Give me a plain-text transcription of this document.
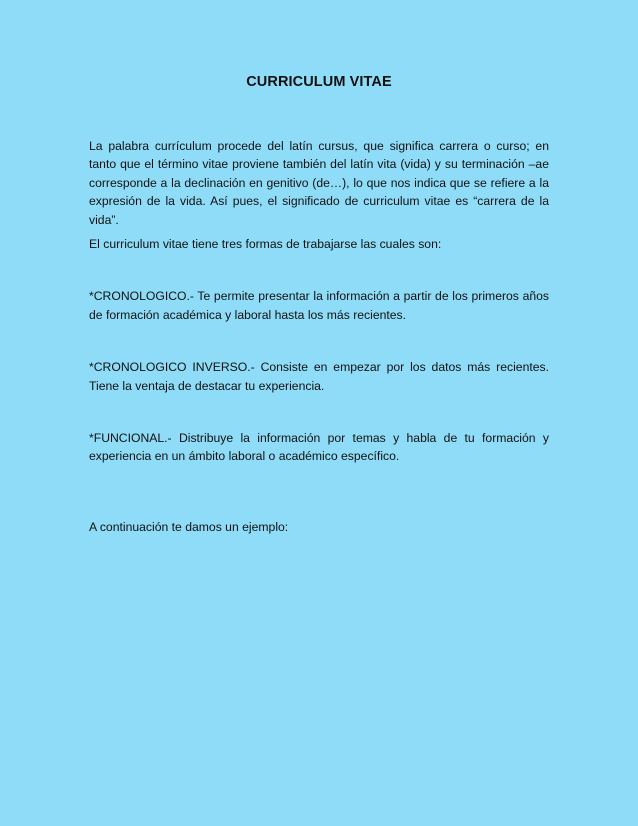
CURRICULUM VITAE

La palabra currículum procede del latín cursus, que significa carrera o curso; en tanto que el término vitae proviene también del latín vita (vida) y su terminación –ae corresponde a la declinación en genitivo (de…), lo que nos indica que se refiere a la expresión de la vida. Así pues, el significado de curriculum vitae es “carrera de la vida”.

El curriculum vitae tiene tres formas de trabajarse las cuales son:

*CRONOLOGICO.- Te permite presentar la información a partir de los primeros años de formación académica y laboral hasta los más recientes.

*CRONOLOGICO INVERSO.- Consiste en empezar por los datos más recientes. Tiene la ventaja de destacar tu experiencia.

*FUNCIONAL.- Distribuye la información por temas y habla de tu formación y experiencia en un ámbito laboral o académico específico.

A continuación te damos un ejemplo:
